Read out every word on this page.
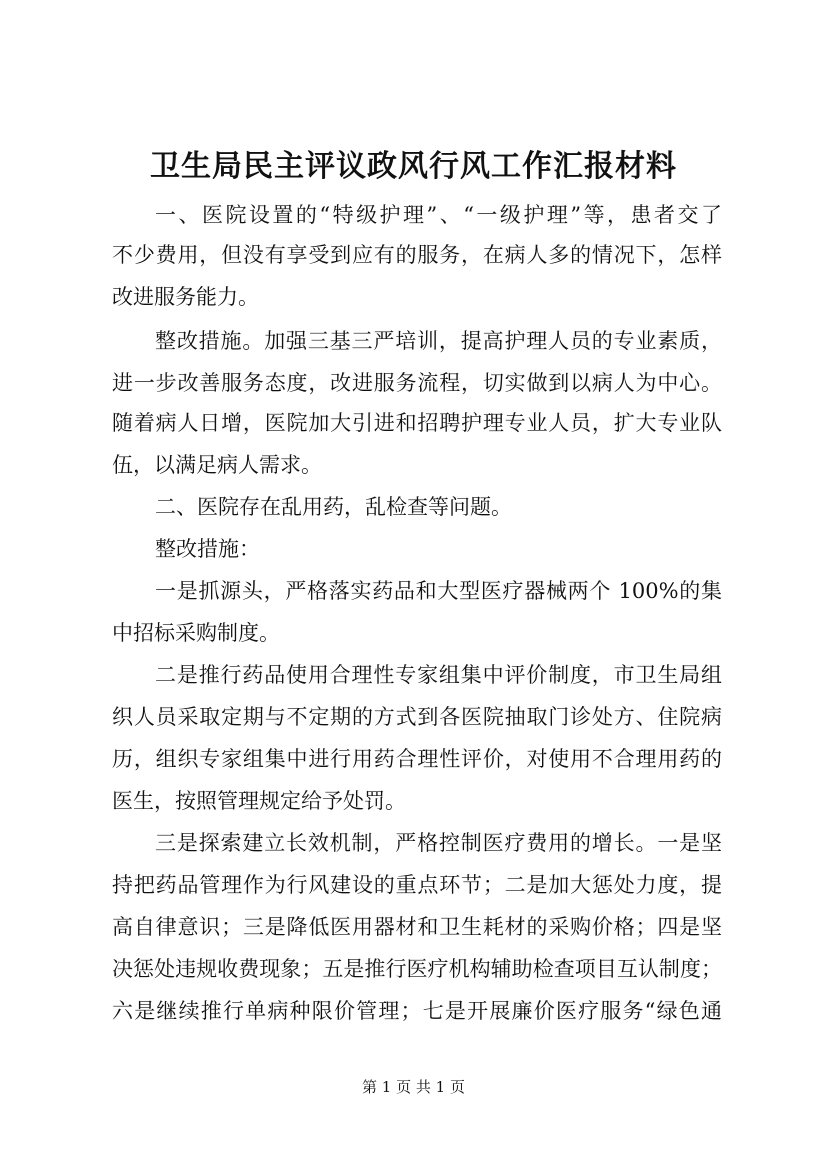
卫生局民主评议政风行风工作汇报材料
一、医院设置的“特级护理”、“一级护理”等，患者交了
不少费用，但没有享受到应有的服务，在病人多的情况下，怎样
改进服务能力。
整改措施。加强三基三严培训，提高护理人员的专业素质，
进一步改善服务态度，改进服务流程，切实做到以病人为中心。
随着病人日增，医院加大引进和招聘护理专业人员，扩大专业队
伍，以满足病人需求。
二、医院存在乱用药，乱检查等问题。
整改措施：
一是抓源头，严格落实药品和大型医疗器械两个 100%的集
中招标采购制度。
二是推行药品使用合理性专家组集中评价制度，市卫生局组
织人员采取定期与不定期的方式到各医院抽取门诊处方、住院病
历，组织专家组集中进行用药合理性评价，对使用不合理用药的
医生，按照管理规定给予处罚。
三是探索建立长效机制，严格控制医疗费用的增长。一是坚
持把药品管理作为行风建设的重点环节；二是加大惩处力度，提
高自律意识；三是降低医用器材和卫生耗材的采购价格；四是坚
决惩处违规收费现象；五是推行医疗机构辅助检查项目互认制度；
六是继续推行单病种限价管理；七是开展廉价医疗服务“绿色通
第 1 页 共 1 页
